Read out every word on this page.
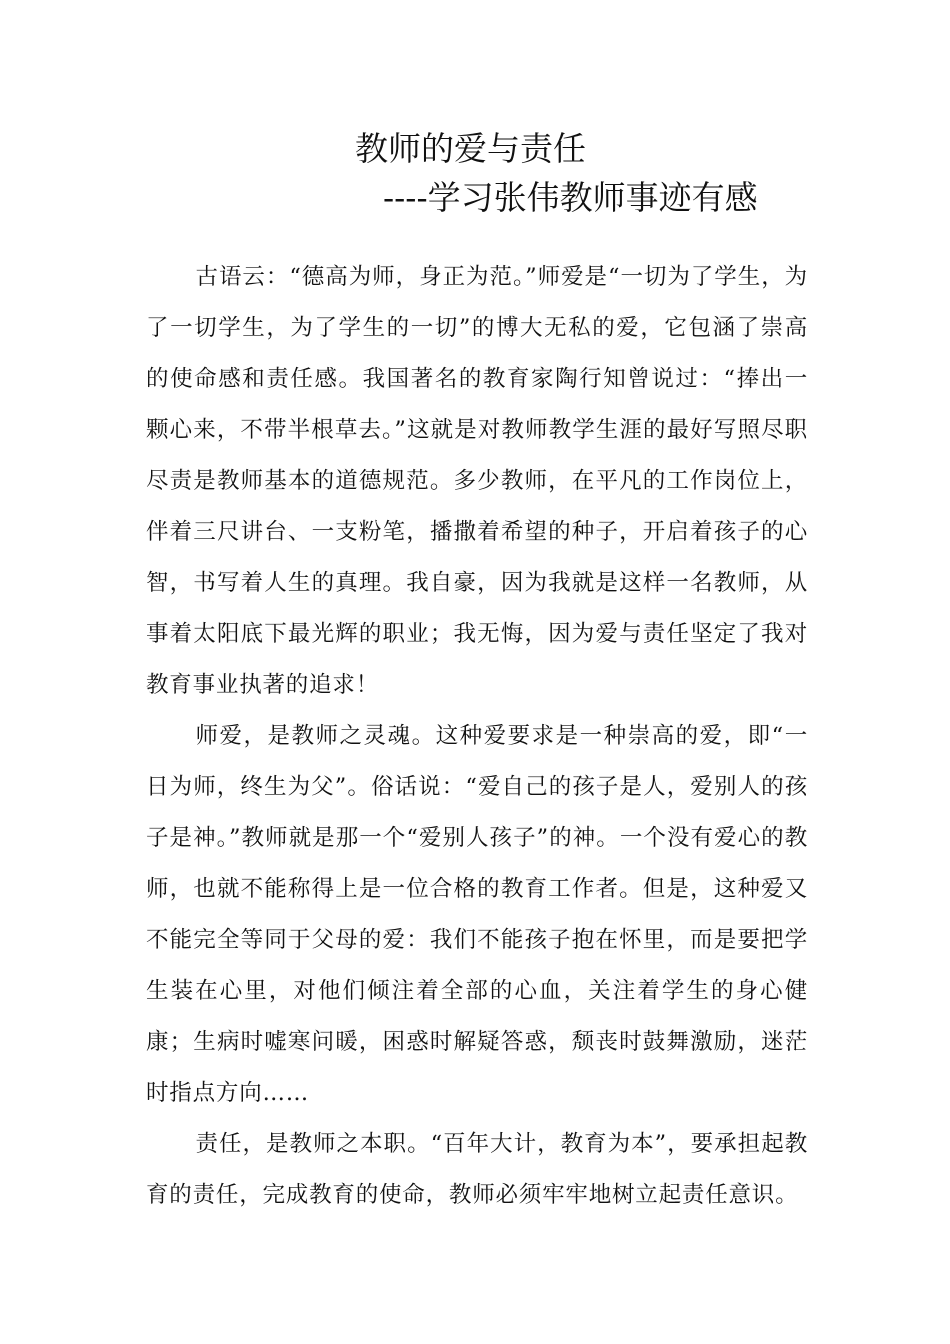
教师的爱与责任
----学习张伟教师事迹有感

古语云：“德高为师，身正为范。”师爱是“一切为了学生，为了一切学生，为了学生的一切”的博大无私的爱，它包涵了崇高的使命感和责任感。我国著名的教育家陶行知曾说过：“捧出一颗心来，不带半根草去。”这就是对教师教学生涯的最好写照尽职尽责是教师基本的道德规范。多少教师，在平凡的工作岗位上，伴着三尺讲台、一支粉笔，播撒着希望的种子，开启着孩子的心智，书写着人生的真理。我自豪，因为我就是这样一名教师，从事着太阳底下最光辉的职业；我无悔，因为爱与责任坚定了我对教育事业执著的追求！

师爱，是教师之灵魂。这种爱要求是一种崇高的爱，即“一日为师，终生为父”。俗话说：“爱自己的孩子是人，爱别人的孩子是神。”教师就是那一个“爱别人孩子”的神。一个没有爱心的教师，也就不能称得上是一位合格的教育工作者。但是，这种爱又不能完全等同于父母的爱：我们不能孩子抱在怀里，而是要把学生装在心里，对他们倾注着全部的心血，关注着学生的身心健康；生病时嘘寒问暖，困惑时解疑答惑，颓丧时鼓舞激励，迷茫时指点方向……

责任，是教师之本职。“百年大计，教育为本”，要承担起教育的责任，完成教育的使命，教师必须牢牢地树立起责任意识。
